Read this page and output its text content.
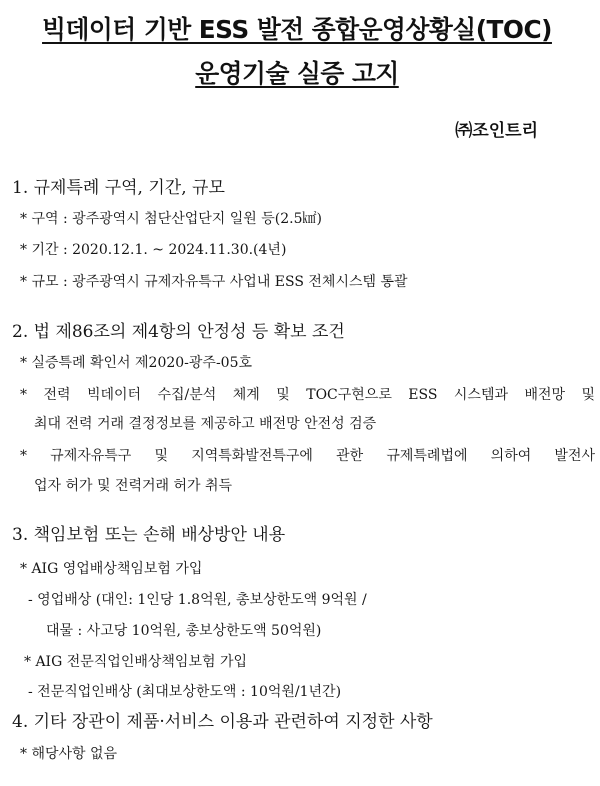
빅데이터 기반 ESS 발전 종합운영상황실(TOC)
운영기술 실증 고지
㈜조인트리
1. 규제특례 구역, 기간, 규모
* 구역 : 광주광역시 첨단산업단지 일원 등(2.5㎢)
* 기간 : 2020.12.1. ~ 2024.11.30.(4년)
* 규모 : 광주광역시 규제자유특구 사업내 ESS 전체시스템 통괄
2. 법 제86조의 제4항의 안정성 등 확보 조건
* 실증특례 확인서 제2020-광주-05호
* 전력 빅데이터 수집/분석 체계 및 TOC구현으로 ESS 시스템과 배전망 및
최대 전력 거래 결정정보를 제공하고 배전망 안전성 검증
* 규제자유특구 및 지역특화발전특구에 관한 규제특례법에 의하여 발전사
업자 허가 및 전력거래 허가 취득
3. 책임보험 또는 손해 배상방안 내용
* AIG 영업배상책임보험 가입
- 영업배상 (대인: 1인당 1.8억원, 총보상한도액 9억원 /
대물 : 사고당 10억원, 총보상한도액 50억원)
* AIG 전문직업인배상책임보험 가입
- 전문직업인배상 (최대보상한도액 : 10억원/1년간)
4. 기타 장관이 제품·서비스 이용과 관련하여 지정한 사항
* 해당사항 없음
